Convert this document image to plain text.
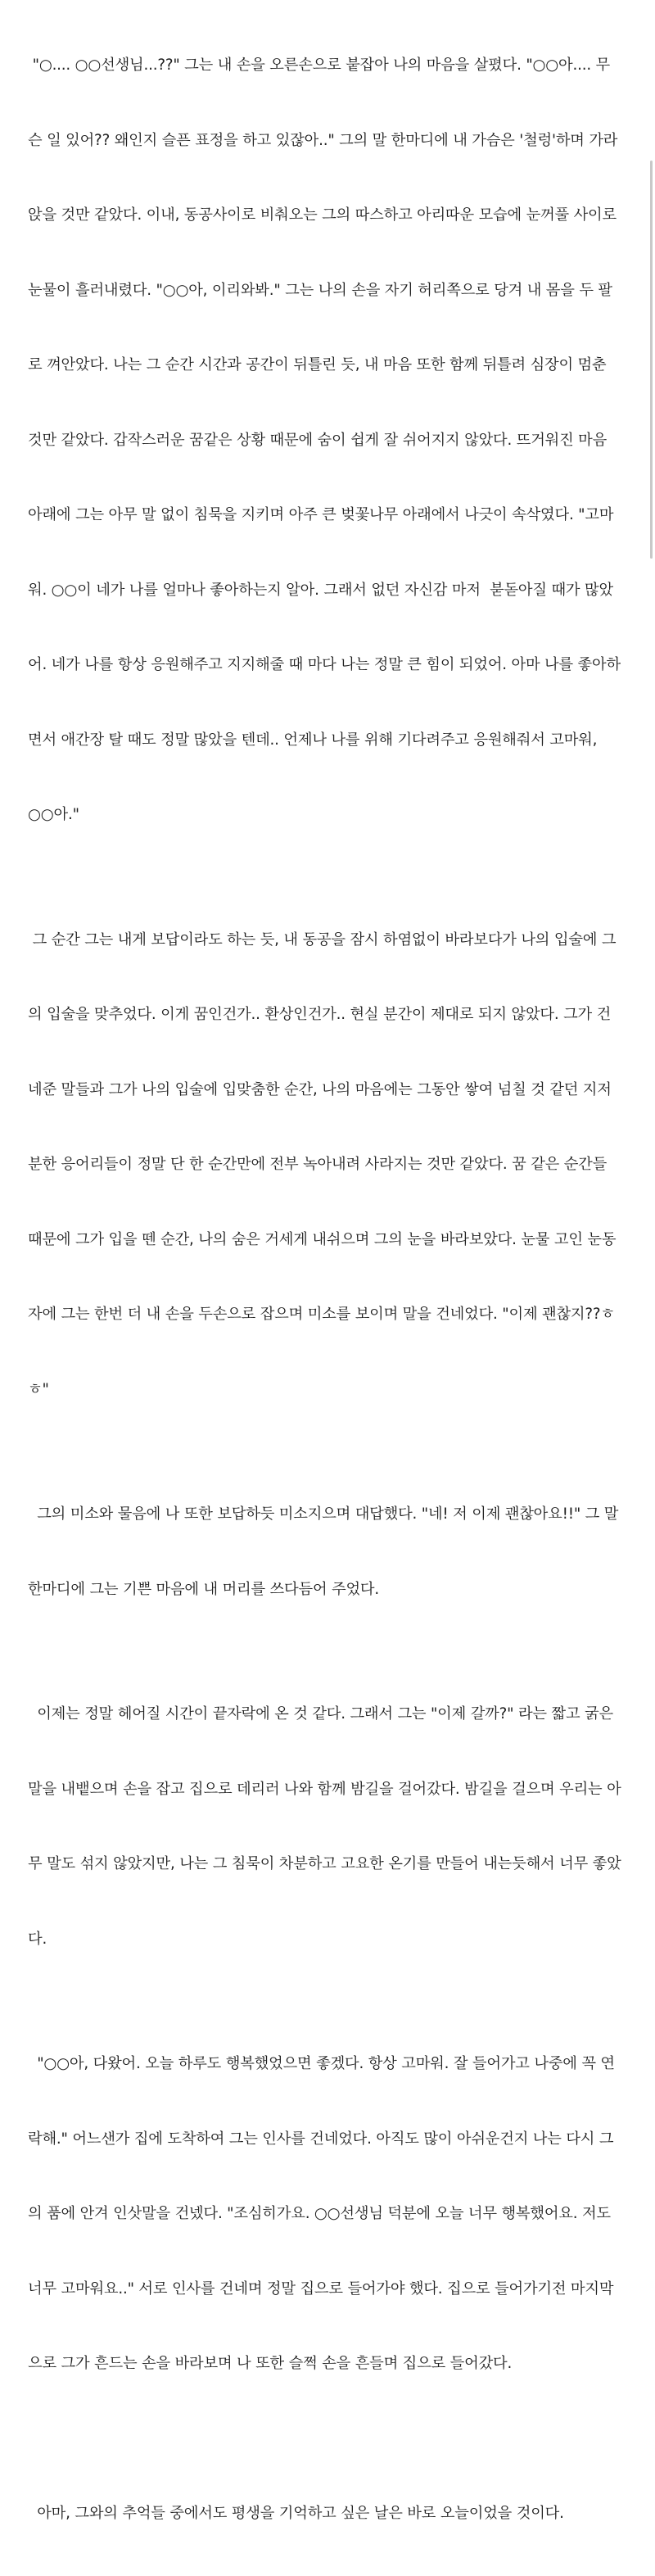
"○.... ○○선생님...??" 그는 내 손을 오른손으로 붙잡아 나의 마음을 살폈다. "○○아.... 무

슨 일 있어?? 왜인지 슬픈 표정을 하고 있잖아.." 그의 말 한마디에 내 가슴은 '철렁'하며 가라

앉을 것만 같았다. 이내, 동공사이로 비춰오는 그의 따스하고 아리따운 모습에 눈꺼풀 사이로

눈물이 흘러내렸다. "○○아, 이리와봐." 그는 나의 손을 자기 허리쪽으로 당겨 내 몸을 두 팔

로 껴안았다. 나는 그 순간 시간과 공간이 뒤틀린 듯, 내 마음 또한 함께 뒤틀려 심장이 멈춘

것만 같았다. 갑작스러운 꿈같은 상황 때문에 숨이 쉽게 잘 쉬어지지 않았다. 뜨거워진 마음

아래에 그는 아무 말 없이 침묵을 지키며 아주 큰 벚꽃나무 아래에서 나긋이 속삭였다. "고마

워. ○○이 네가 나를 얼마나 좋아하는지 알아. 그래서 없던 자신감 마저  붇돋아질 때가 많았

어. 네가 나를 항상 응원해주고 지지해줄 때 마다 나는 정말 큰 힘이 되었어. 아마 나를 좋아하

면서 애간장 탈 때도 정말 많았을 텐데.. 언제나 나를 위해 기다려주고 응원해줘서 고마워,

○○아."

그 순간 그는 내게 보답이라도 하는 듯, 내 동공을 잠시 하염없이 바라보다가 나의 입술에 그

의 입술을 맞추었다. 이게 꿈인건가.. 환상인건가.. 현실 분간이 제대로 되지 않았다. 그가 건

네준 말들과 그가 나의 입술에 입맞춤한 순간, 나의 마음에는 그동안 쌓여 넘칠 것 같던 지저

분한 응어리들이 정말 단 한 순간만에 전부 녹아내려 사라지는 것만 같았다. 꿈 같은 순간들

때문에 그가 입을 뗀 순간, 나의 숨은 거세게 내쉬으며 그의 눈을 바라보았다. 눈물 고인 눈동

자에 그는 한번 더 내 손을 두손으로 잡으며 미소를 보이며 말을 건네었다. "이제 괜찮지??ㅎ

ㅎ"

그의 미소와 물음에 나 또한 보답하듯 미소지으며 대답했다. "네! 저 이제 괜찮아요!!" 그 말

한마디에 그는 기쁜 마음에 내 머리를 쓰다듬어 주었다.

이제는 정말 헤어질 시간이 끝자락에 온 것 같다. 그래서 그는 "이제 갈까?" 라는 짧고 굵은

말을 내뱉으며 손을 잡고 집으로 데리러 나와 함께 밤길을 걸어갔다. 밤길을 걸으며 우리는 아

무 말도 섞지 않았지만, 나는 그 침묵이 차분하고 고요한 온기를 만들어 내는듯해서 너무 좋았

다.

"○○아, 다왔어. 오늘 하루도 행복했었으면 좋겠다. 항상 고마워. 잘 들어가고 나중에 꼭 연

락해." 어느샌가 집에 도착하여 그는 인사를 건네었다. 아직도 많이 아쉬운건지 나는 다시 그

의 품에 안겨 인삿말을 건넸다. "조심히가요. ○○선생님 덕분에 오늘 너무 행복했어요. 저도

너무 고마워요.." 서로 인사를 건네며 정말 집으로 들어가야 했다. 집으로 들어가기전 마지막

으로 그가 흔드는 손을 바라보며 나 또한 슬쩍 손을 흔들며 집으로 들어갔다.

아마, 그와의 추억들 중에서도 평생을 기억하고 싶은 날은 바로 오늘이었을 것이다.
